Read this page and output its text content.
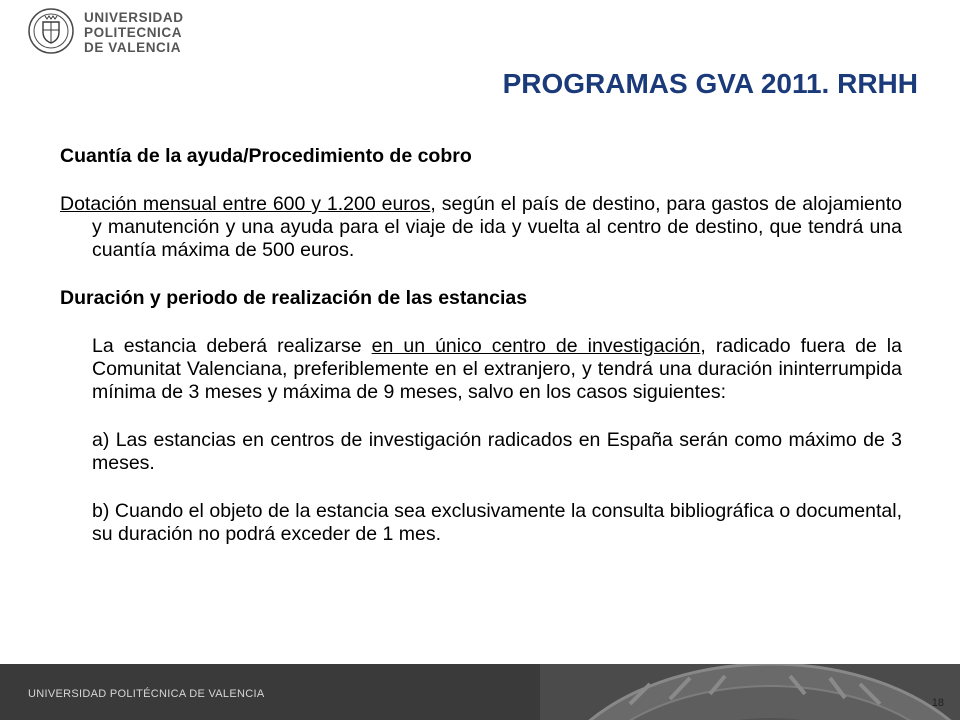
UNIVERSIDAD
POLITECNICA
DE VALENCIA
PROGRAMAS GVA 2011. RRHH

Cuantía de la ayuda/Procedimiento de cobro

Dotación mensual entre 600 y 1.200 euros, según el país de destino, para gastos de alojamiento y manutención y una ayuda para el viaje de ida y vuelta al centro de destino, que tendrá una cuantía máxima de 500 euros.

Duración y periodo de realización de las estancias

La estancia deberá realizarse en un único centro de investigación, radicado fuera de la Comunitat Valenciana, preferiblemente en el extranjero, y tendrá una duración ininterrumpida mínima de 3 meses y máxima de 9 meses, salvo en los casos siguientes:

a) Las estancias en centros de investigación radicados en España serán como máximo de 3 meses.

b) Cuando el objeto de la estancia sea exclusivamente la consulta bibliográfica o documental, su duración no podrá exceder de 1 mes.

UNIVERSIDAD POLITÉCNICA DE VALENCIA
18
